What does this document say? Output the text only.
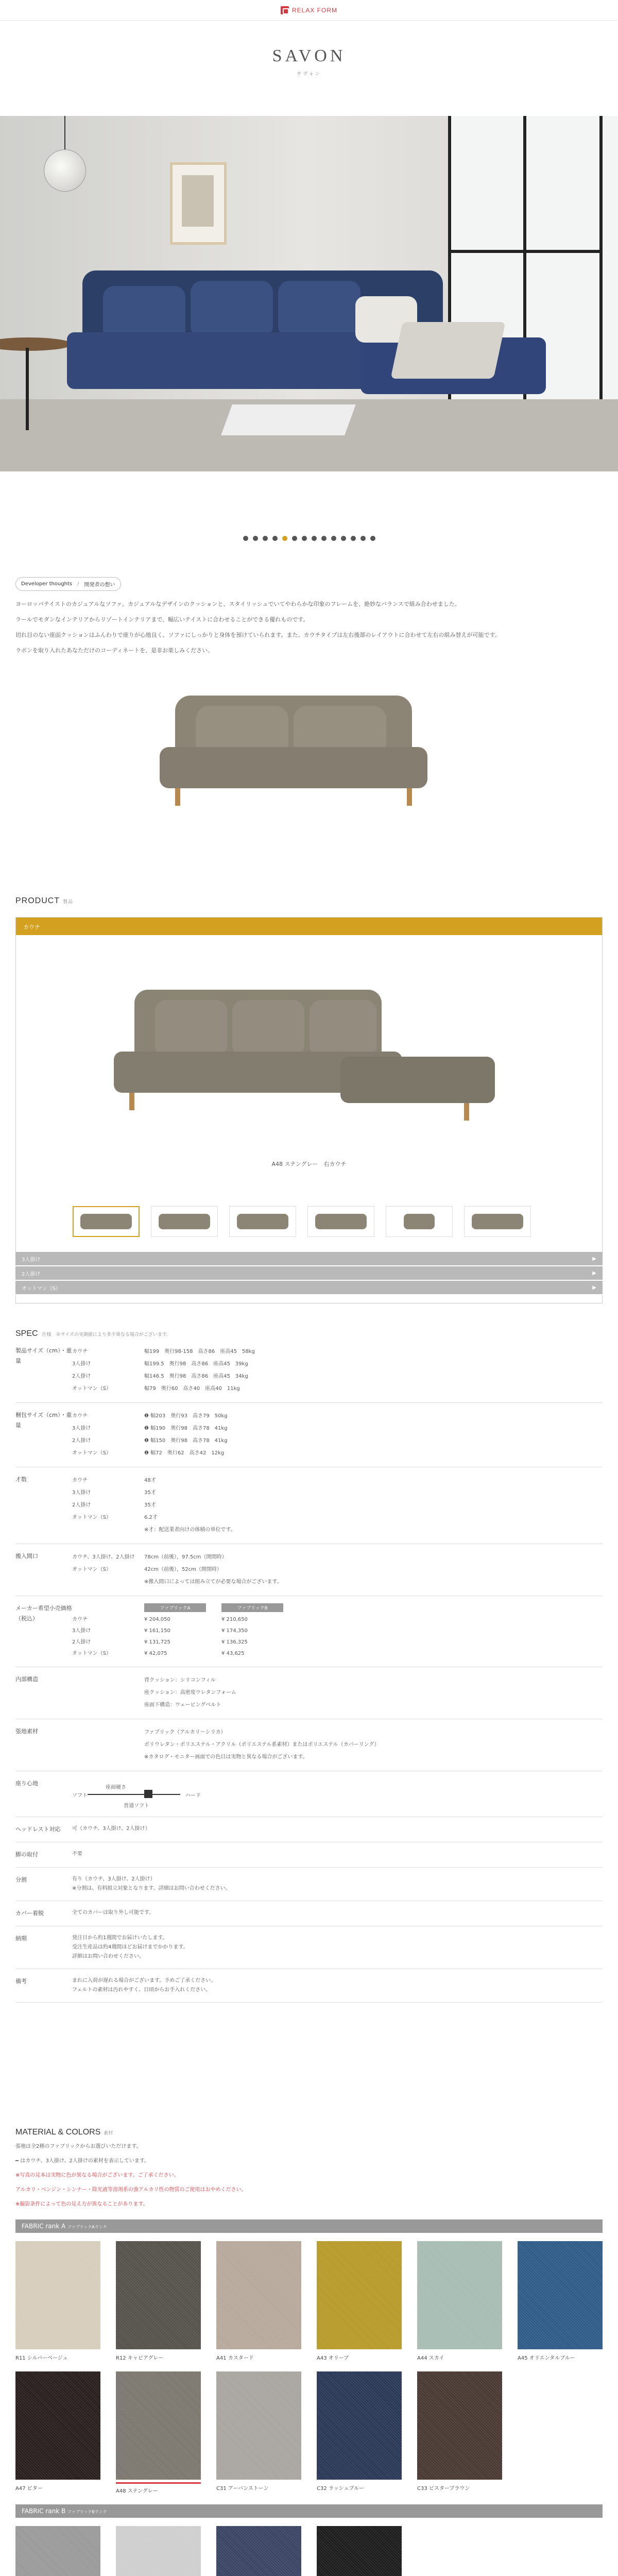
RELAX FORM
SAVON
サヴォン
Developer thoughts	/	開発者の想い

ヨーロッパテイストのカジュアルなソファ。カジュアルなデザインのクッションと、スタイリッシュでいてやわらかな印象のフレームを、絶妙なバランスで組み合わせました。

ラールでモダンなインテリアからリゾートインテリアまで、幅広いテイストに合わせることができる優れものです。

切れ目のない座面クッションはふんわりで座りが心地良く、ソファにしっかりと身体を預けていられます。また、カウチタイプは左右後部のレイアウトに合わせて左右の組み替えが可能です。

ラボンを取り入れたあなただけのコーディネートを、是非お楽しみください。

PRODUCT 製品
カウチ
A48 ステングレー　右カウチ
3人掛け	▶
2人掛け	▶
オットマン（S）	▶
SPEC 仕様　※サイズの実測値により多少異なる場合がございます。
製品サイズ（cm）・重量
カウチ	幅199　奥行98-158　高さ86　座高45　58kg
3人掛け	幅199.5　奥行98　高さ86　座高45　39kg
2人掛け	幅146.5　奥行98　高さ86　座高45　34kg
オットマン（S）	幅79　奥行60　高さ40　座高40　11kg
梱包サイズ（cm）・重量
カウチ	❶ 幅203　奥行93　高さ79　50kg
3人掛け	❶ 幅190　奥行98　高さ78　41kg
2人掛け	❶ 幅150　奥行98　高さ78　41kg
オットマン（S）	❶ 幅72　奥行62　高さ42　12kg
才数	カウチ	48才
3人掛け	35才
2人掛け	35才
オットマン（S）	6.2才
※才：配送業者向けの体積の単位です。
搬入間口	カウチ、3人掛け、2人掛け	78cm（前後），97.5cm（開閉時）
オットマン（S）	42cm（前後），52cm（開閉時）
※搬入間口によっては組み立てが必要な場合がございます。
メーカー希望小売価格（税込）
ファブリックA	ファブリックB
カウチ	¥ 204,050	¥ 210,650
3人掛け	¥ 161,150	¥ 174,350
2人掛け	¥ 131,725	¥ 136,325
オットマン（S）	¥ 42,075	¥ 43,625
内部構造	背クッション：シリコンフィル
座クッション：高密度ウレタンフォーム
座面下構造：ウェービングベルト
張地素材	ファブリック（アルカリ～シリカ）
ポリウレタン・ポリエステル・アクリル（ポリエステル系素材）またはポリエステル（カバーリング）
※カタログ・モニター画面での色目は実物と異なる場合がございます。
座り心地
座面硬さ
ソフト	ハード
普通ソフト
ヘッドレスト対応	可（カウチ、3人掛け、2人掛け）
脚の取付	不要
分割	有り（カウチ、3人掛け、2人掛け）
※分割は、有料組立対象となります。詳細はお問い合わせください。
カバー着脱	全てのカバーは取り外し可能です。
納期	発注日から約1週間でお届けいたします。
受注生産品は約4週間ほどお届けまでかかります。
詳細はお問い合わせください。
備考	まれに入荷が遅れる場合がございます。予めご了承ください。
フェルトの素材は汚れやすく、日頃からお手入れください。
MATERIAL & COLORS 素材
張地は全2種のファブリックからお選びいただけます。
━ はカウチ、3人掛け、2人掛けの素材を表示しています。
※写真の見本は実物に色が異なる場合がございます。ご了承ください。
アルカリ・ベンジン・シンナー・除光液等溶剤系の強アルカリ性の物質のご使用はおやめください。
※撮影条件によって色の見え方が異なることがあります。
FABRIC rank A ファブリックAランク
R11 シルバーベージュ	R12 キャビアグレー	A41 カスタード	A43 オリーブ	A44 スカイ	A45 オリエンタルブルー
A47 ビター	A48 ステングレー	C31 アーバンストーン	C32 ラッシュブルー	C33 ビスターブラウン
FABRIC rank B ファブリックBランク
